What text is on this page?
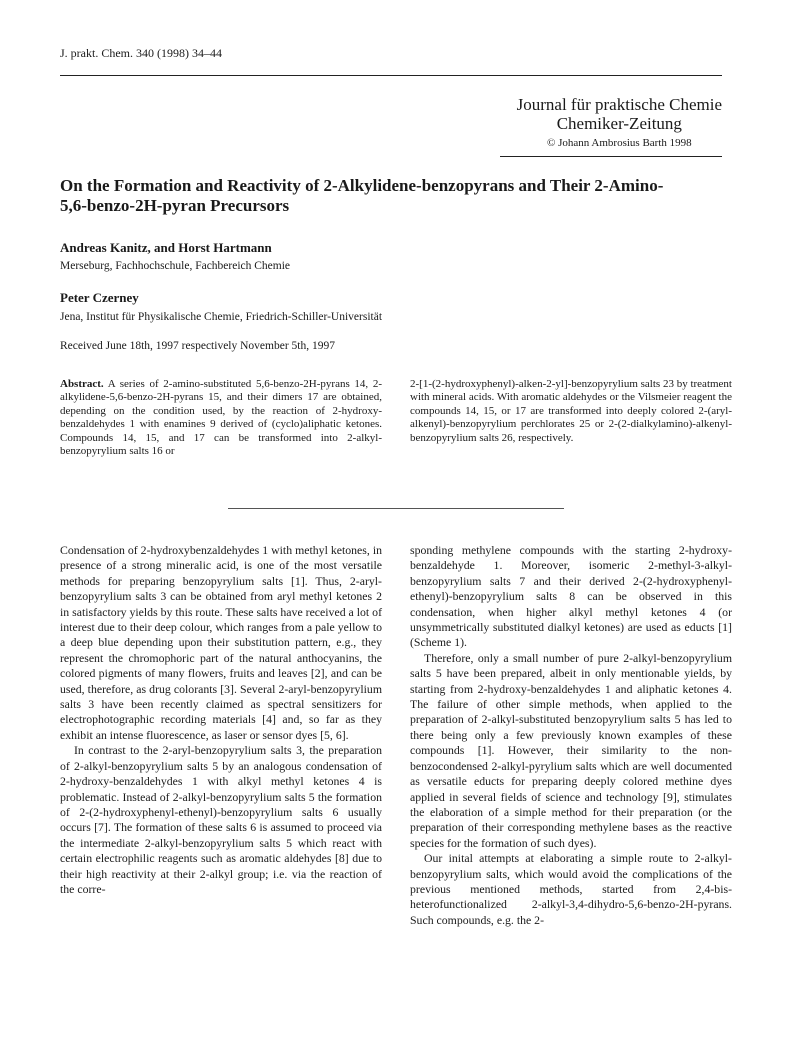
J. prakt. Chem. 340 (1998) 34–44
Journal für praktische Chemie
Chemiker-Zeitung
© Johann Ambrosius Barth 1998
On the Formation and Reactivity of 2-Alkylidene-benzopyrans and Their 2-Amino-5,6-benzo-2H-pyran Precursors
Andreas Kanitz, and Horst Hartmann
Merseburg, Fachhochschule, Fachbereich Chemie
Peter Czerney
Jena, Institut für Physikalische Chemie, Friedrich-Schiller-Universität
Received June 18th, 1997 respectively November 5th, 1997
Abstract. A series of 2-amino-substituted 5,6-benzo-2H-pyrans 14, 2-alkylidene-5,6-benzo-2H-pyrans 15, and their dimers 17 are obtained, depending on the condition used, by the reaction of 2-hydroxy-benzaldehydes 1 with enamines 9 derived of (cyclo)aliphatic ketones. Compounds 14, 15, and 17 can be transformed into 2-alkyl-benzopyrylium salts 16 or
2-[1-(2-hydroxyphenyl)-alken-2-yl]-benzopyrylium salts 23 by treatment with mineral acids. With aromatic aldehydes or the Vilsmeier reagent the compounds 14, 15, or 17 are transformed into deeply colored 2-(aryl-alkenyl)-benzopyrylium perchlorates 25 or 2-(2-dialkylamino)-alkenyl-benzopyrylium salts 26, respectively.

Condensation of 2-hydroxybenzaldehydes 1 with methyl ketones, in presence of a strong mineralic acid, is one of the most versatile methods for preparing benzopyrylium salts [1]. Thus, 2-aryl-benzopyrylium salts 3 can be obtained from aryl methyl ketones 2 in satisfactory yields by this route. These salts have received a lot of interest due to their deep colour, which ranges from a pale yellow to a deep blue depending upon their substitution pattern, e.g., they represent the chromophoric part of the natural anthocyanins, the colored pigments of many flowers, fruits and leaves [2], and can be used, therefore, as drug colorants [3]. Several 2-aryl-benzopyrylium salts 3 have been recently claimed as spectral sensitizers for electrophotographic recording materials [4] and, so far as they exhibit an intense fluorescence, as laser or sensor dyes [5, 6].

In contrast to the 2-aryl-benzopyrylium salts 3, the preparation of 2-alkyl-benzopyrylium salts 5 by an analogous condensation of 2-hydroxy-benzaldehydes 1 with alkyl methyl ketones 4 is problematic. Instead of 2-alkyl-benzopyrylium salts 5 the formation of 2-(2-hydroxyphenyl-ethenyl)-benzopyrylium salts 6 usually occurs [7]. The formation of these salts 6 is assumed to proceed via the intermediate 2-alkyl-benzopyrylium salts 5 which react with certain electrophilic reagents such as aromatic aldehydes [8] due to their high reactivity at their 2-alkyl group; i.e. via the reaction of the corre-

sponding methylene compounds with the starting 2-hydroxy-benzaldehyde 1. Moreover, isomeric 2-methyl-3-alkyl-benzopyrylium salts 7 and their derived 2-(2-hydroxyphenyl-ethenyl)-benzopyrylium salts 8 can be observed in this condensation, when higher alkyl methyl ketones 4 (or unsymmetrically substituted dialkyl ketones) are used as educts [1] (Scheme 1).

Therefore, only a small number of pure 2-alkyl-benzopyrylium salts 5 have been prepared, albeit in only mentionable yields, by starting from 2-hydroxy-benzaldehydes 1 and aliphatic ketones 4. The failure of other simple methods, when applied to the preparation of 2-alkyl-substituted benzopyrylium salts 5 has led to there being only a few previously known examples of these compounds [1]. However, their similarity to the non-benzocondensed 2-alkyl-pyrylium salts which are well documented as versatile educts for preparing deeply colored methine dyes applied in several fields of science and technology [9], stimulates the elaboration of a simple method for their preparation (or the preparation of their corresponding methylene bases as the reactive species for the formation of such dyes).

Our inital attempts at elaborating a simple route to 2-alkyl-benzopyrylium salts, which would avoid the complications of the previous mentioned methods, started from 2,4-bis-heterofunctionalized 2-alkyl-3,4-dihydro-5,6-benzo-2H-pyrans. Such compounds, e.g. the 2-
